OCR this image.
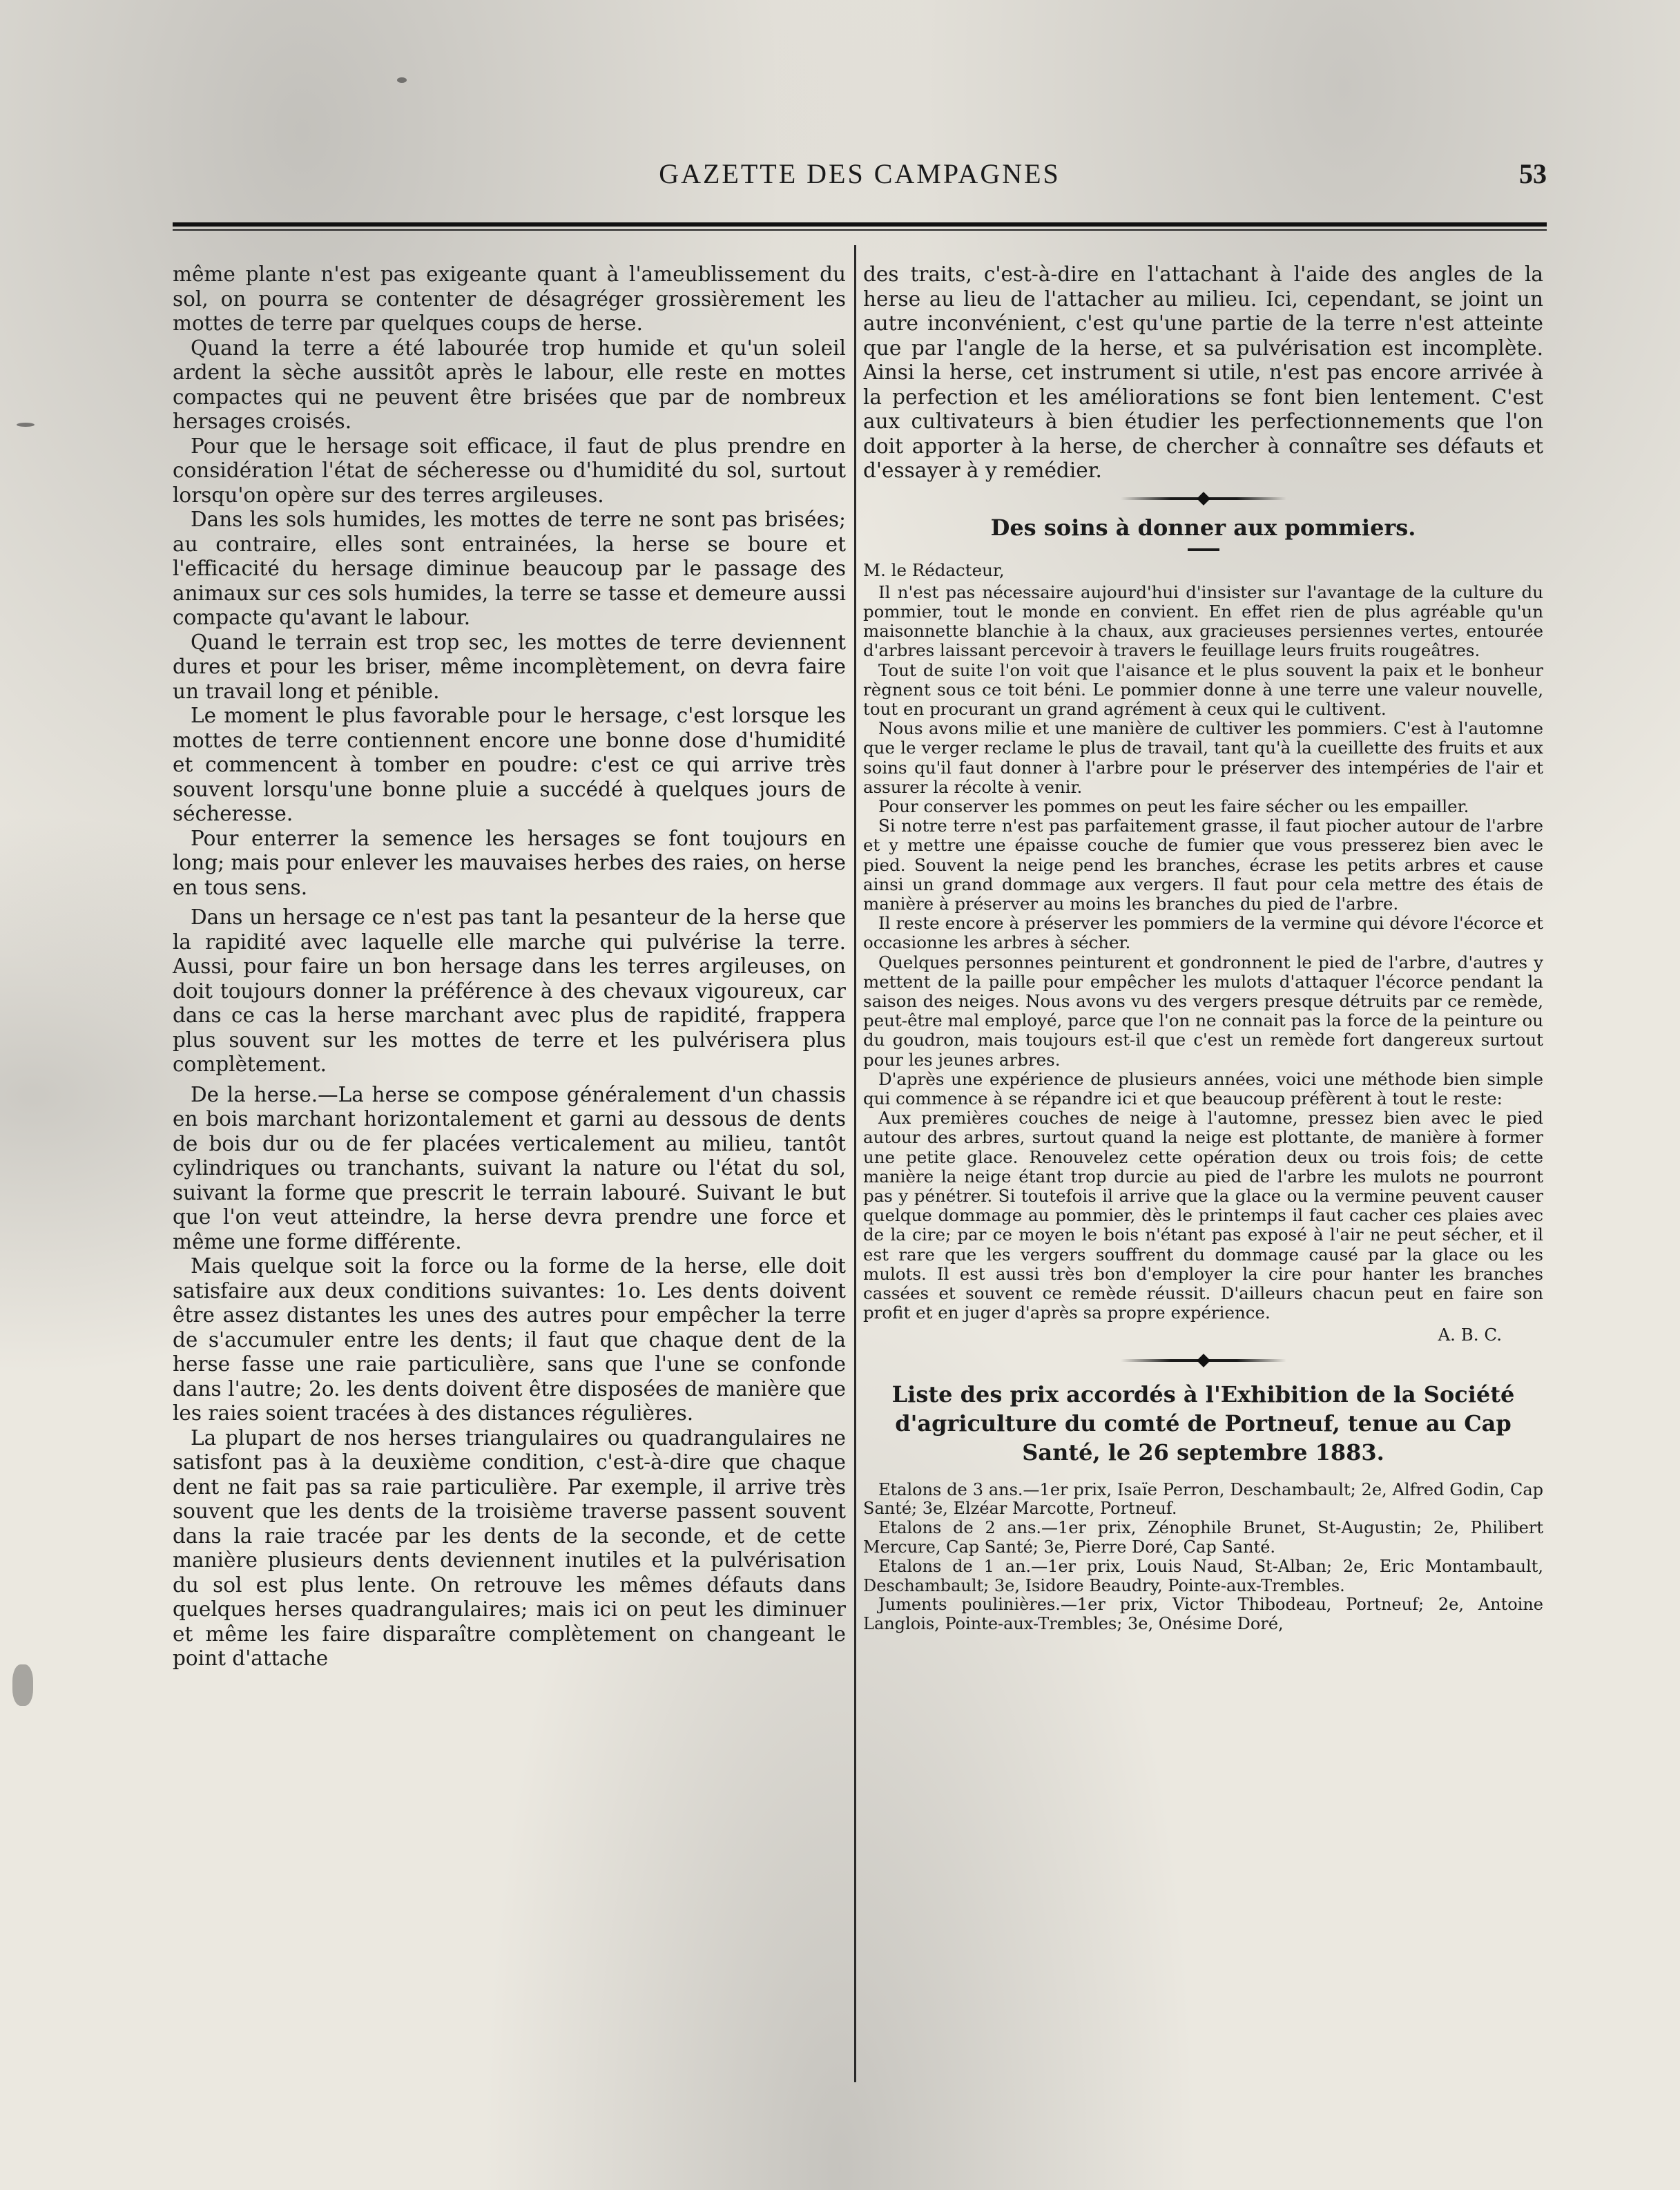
GAZETTE DES CAMPAGNES	53

même plante n'est pas exigeante quant à l'ameublissement du sol, on pourra se contenter de désagréger grossièrement les mottes de terre par quelques coups de herse.

Quand la terre a été labourée trop humide et qu'un soleil ardent la sèche aussitôt après le labour, elle reste en mottes compactes qui ne peuvent être brisées que par de nombreux hersages croisés.

Pour que le hersage soit efficace, il faut de plus prendre en considération l'état de sécheresse ou d'humidité du sol, surtout lorsqu'on opère sur des terres argileuses.

Dans les sols humides, les mottes de terre ne sont pas brisées; au contraire, elles sont entrainées, la herse se boure et l'efficacité du hersage diminue beaucoup par le passage des animaux sur ces sols humides, la terre se tasse et demeure aussi compacte qu'avant le labour.

Quand le terrain est trop sec, les mottes de terre deviennent dures et pour les briser, même incomplètement, on devra faire un travail long et pénible.

Le moment le plus favorable pour le hersage, c'est lorsque les mottes de terre contiennent encore une bonne dose d'humidité et commencent à tomber en poudre: c'est ce qui arrive très souvent lorsqu'une bonne pluie a succédé à quelques jours de sécheresse.

Pour enterrer la semence les hersages se font toujours en long; mais pour enlever les mauvaises herbes des raies, on herse en tous sens.

Dans un hersage ce n'est pas tant la pesanteur de la herse que la rapidité avec laquelle elle marche qui pulvérise la terre. Aussi, pour faire un bon hersage dans les terres argileuses, on doit toujours donner la préférence à des chevaux vigoureux, car dans ce cas la herse marchant avec plus de rapidité, frappera plus souvent sur les mottes de terre et les pulvérisera plus complètement.

De la herse.—La herse se compose généralement d'un chassis en bois marchant horizontalement et garni au dessous de dents de bois dur ou de fer placées verticalement au milieu, tantôt cylindriques ou tranchants, suivant la nature ou l'état du sol, suivant la forme que prescrit le terrain labouré. Suivant le but que l'on veut atteindre, la herse devra prendre une force et même une forme différente.

Mais quelque soit la force ou la forme de la herse, elle doit satisfaire aux deux conditions suivantes: 1o. Les dents doivent être assez distantes les unes des autres pour empêcher la terre de s'accumuler entre les dents; il faut que chaque dent de la herse fasse une raie particulière, sans que l'une se confonde dans l'autre; 2o. les dents doivent être disposées de manière que les raies soient tracées à des distances régulières.

La plupart de nos herses triangulaires ou quadrangulaires ne satisfont pas à la deuxième condition, c'est-à-dire que chaque dent ne fait pas sa raie particulière. Par exemple, il arrive très souvent que les dents de la troisième traverse passent souvent dans la raie tracée par les dents de la seconde, et de cette manière plusieurs dents deviennent inutiles et la pulvérisation du sol est plus lente. On retrouve les mêmes défauts dans quelques herses quadrangulaires; mais ici on peut les diminuer et même les faire disparaître complètement on changeant le point d'attache

des traits, c'est-à-dire en l'attachant à l'aide des angles de la herse au lieu de l'attacher au milieu. Ici, cependant, se joint un autre inconvénient, c'est qu'une partie de la terre n'est atteinte que par l'angle de la herse, et sa pulvérisation est incomplète. Ainsi la herse, cet instrument si utile, n'est pas encore arrivée à la perfection et les améliorations se font bien lentement. C'est aux cultivateurs à bien étudier les perfectionnements que l'on doit apporter à la herse, de chercher à connaître ses défauts et d'essayer à y remédier.

Des soins à donner aux pommiers.

M. le Rédacteur,

Il n'est pas nécessaire aujourd'hui d'insister sur l'avantage de la culture du pommier, tout le monde en convient. En effet rien de plus agréable qu'un maisonnette blanchie à la chaux, aux gracieuses persiennes vertes, entourée d'arbres laissant percevoir à travers le feuillage leurs fruits rougeâtres.

Tout de suite l'on voit que l'aisance et le plus souvent la paix et le bonheur règnent sous ce toit béni. Le pommier donne à une terre une valeur nouvelle, tout en procurant un grand agrément à ceux qui le cultivent.

Nous avons milie et une manière de cultiver les pommiers. C'est à l'automne que le verger reclame le plus de travail, tant qu'à la cueillette des fruits et aux soins qu'il faut donner à l'arbre pour le préserver des intempéries de l'air et assurer la récolte à venir.

Pour conserver les pommes on peut les faire sécher ou les empailler.

Si notre terre n'est pas parfaitement grasse, il faut piocher autour de l'arbre et y mettre une épaisse couche de fumier que vous presserez bien avec le pied. Souvent la neige pend les branches, écrase les petits arbres et cause ainsi un grand dommage aux vergers. Il faut pour cela mettre des étais de manière à préserver au moins les branches du pied de l'arbre.

Il reste encore à préserver les pommiers de la vermine qui dévore l'écorce et occasionne les arbres à sécher.

Quelques personnes peinturent et gondronnent le pied de l'arbre, d'autres y mettent de la paille pour empêcher les mulots d'attaquer l'écorce pendant la saison des neiges. Nous avons vu des vergers presque détruits par ce remède, peut-être mal employé, parce que l'on ne connait pas la force de la peinture ou du goudron, mais toujours est-il que c'est un remède fort dangereux surtout pour les jeunes arbres.

D'après une expérience de plusieurs années, voici une méthode bien simple qui commence à se répandre ici et que beaucoup préfèrent à tout le reste:

Aux premières couches de neige à l'automne, pressez bien avec le pied autour des arbres, surtout quand la neige est plottante, de manière à former une petite glace. Renouvelez cette opération deux ou trois fois; de cette manière la neige étant trop durcie au pied de l'arbre les mulots ne pourront pas y pénétrer. Si toutefois il arrive que la glace ou la vermine peuvent causer quelque dommage au pommier, dès le printemps il faut cacher ces plaies avec de la cire; par ce moyen le bois n'étant pas exposé à l'air ne peut sécher, et il est rare que les vergers souffrent du dommage causé par la glace ou les mulots. Il est aussi très bon d'employer la cire pour hanter les branches cassées et souvent ce remède réussit. D'ailleurs chacun peut en faire son profit et en juger d'après sa propre expérience.

A. B. C.

Liste des prix accordés à l'Exhibition de la Société d'agriculture du comté de Portneuf, tenue au Cap Santé, le 26 septembre 1883.

Etalons de 3 ans.—1er prix, Isaïe Perron, Deschambault; 2e, Alfred Godin, Cap Santé; 3e, Elzéar Marcotte, Portneuf.

Etalons de 2 ans.—1er prix, Zénophile Brunet, St-Augustin; 2e, Philibert Mercure, Cap Santé; 3e, Pierre Doré, Cap Santé.

Etalons de 1 an.—1er prix, Louis Naud, St-Alban; 2e, Eric Montambault, Deschambault; 3e, Isidore Beaudry, Pointe-aux-Trembles.

Juments poulinières.—1er prix, Victor Thibodeau, Portneuf; 2e, Antoine Langlois, Pointe-aux-Trembles; 3e, Onésime Doré,
